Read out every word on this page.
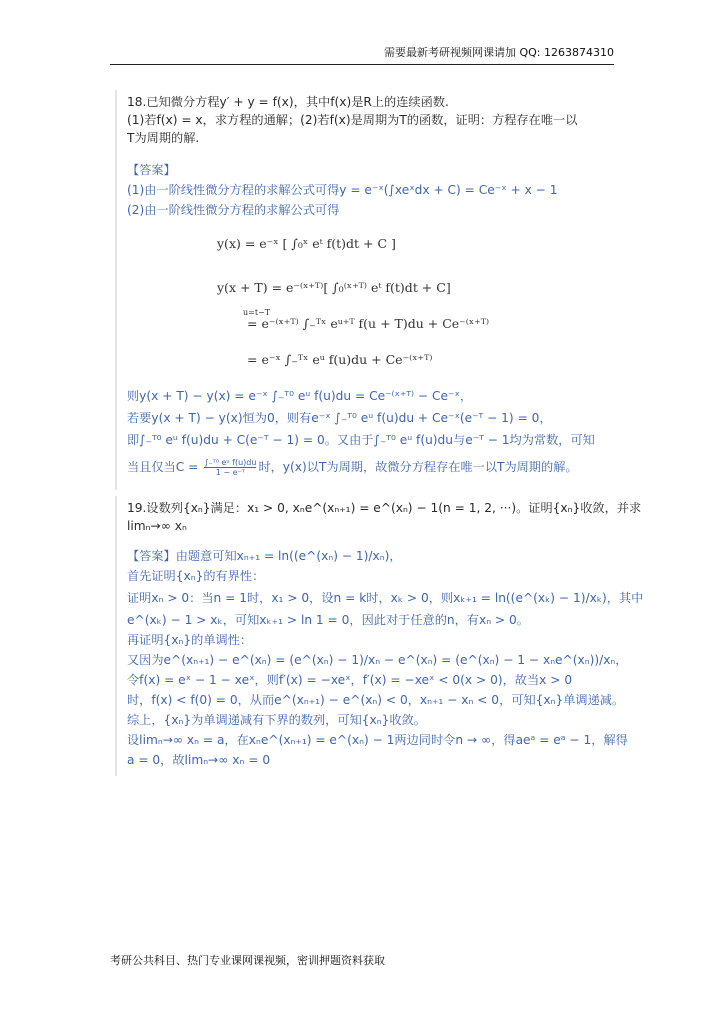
需要最新考研视频网课请加 QQ: 1263874310
18.已知微分方程y′ + y = f(x)，其中f(x)是R上的连续函数.
(1)若f(x) = x，求方程的通解；(2)若f(x)是周期为T的函数，证明：方程存在唯一以
T为周期的解.
【答案】
(1)由一阶线性微分方程的求解公式可得y = e⁻ˣ(∫xeˣdx + C) = Ce⁻ˣ + x − 1
(2)由一阶线性微分方程的求解公式可得
y(x) = e⁻ˣ [ ∫₀ˣ eᵗ f(t)dt + C ]
y(x + T) = e⁻⁽ˣ⁺ᵀ⁾[ ∫₀⁽ˣ⁺ᵀ⁾ eᵗ f(t)dt + C]
u=t−T
= e⁻⁽ˣ⁺ᵀ⁾ ∫₋ᵀˣ eᵘ⁺ᵀ f(u + T)du + Ce⁻⁽ˣ⁺ᵀ⁾
= e⁻ˣ ∫₋ᵀˣ eᵘ f(u)du + Ce⁻⁽ˣ⁺ᵀ⁾
则y(x + T) − y(x) = e⁻ˣ ∫₋ᵀ⁰ eᵘ f(u)du = Ce⁻⁽ˣ⁺ᵀ⁾ − Ce⁻ˣ，
若要y(x + T) − y(x)恒为0，则有e⁻ˣ ∫₋ᵀ⁰ eᵘ f(u)du + Ce⁻ˣ(e⁻ᵀ − 1) = 0，
即∫₋ᵀ⁰ eᵘ f(u)du + C(e⁻ᵀ − 1) = 0。又由于∫₋ᵀ⁰ eᵘ f(u)du与e⁻ᵀ − 1均为常数，可知
当且仅当$C = \frac{\text{∫₋ᵀ⁰ eᵘ f(u)du}}{\text{1 − e⁻ᵀ}}$ 时，y(x)以T为周期，故微分方程存在唯一以T为周期的解。
19.设数列{xₙ}满足：x₁ > 0, xₙe^(xₙ₊₁) = e^(xₙ) − 1(n = 1, 2, ···)。证明{xₙ}收敛，并求
limₙ→∞ xₙ
【答案】由题意可知xₙ₊₁ = ln((e^(xₙ) − 1)/xₙ)，
首先证明{xₙ}的有界性：
证明xₙ > 0：当n = 1时，x₁ > 0，设n = k时，xₖ > 0，则xₖ₊₁ = ln((e^(xₖ) − 1)/xₖ)，其中
e^(xₖ) − 1 > xₖ，可知xₖ₊₁ > ln 1 = 0，因此对于任意的n，有xₙ > 0。
再证明{xₙ}的单调性：
又因为e^(xₙ₊₁) − e^(xₙ) = (e^(xₙ) − 1)/xₙ − e^(xₙ) = (e^(xₙ) − 1 − xₙe^(xₙ))/xₙ，
令f(x) = eˣ − 1 − xeˣ，则f′(x) = −xeˣ，f′(x) = −xeˣ < 0(x > 0)，故当x > 0
时，f(x) < f(0) = 0，从而e^(xₙ₊₁) − e^(xₙ) < 0，xₙ₊₁ − xₙ < 0，可知{xₙ}单调递减。
综上，{xₙ}为单调递减有下界的数列，可知{xₙ}收敛。
设limₙ→∞ xₙ = a，在xₙe^(xₙ₊₁) = e^(xₙ) − 1两边同时令n → ∞，得aeᵃ = eᵃ − 1，解得
a = 0，故limₙ→∞ xₙ = 0
考研公共科目、热门专业课网课视频，密训押题资料获取
